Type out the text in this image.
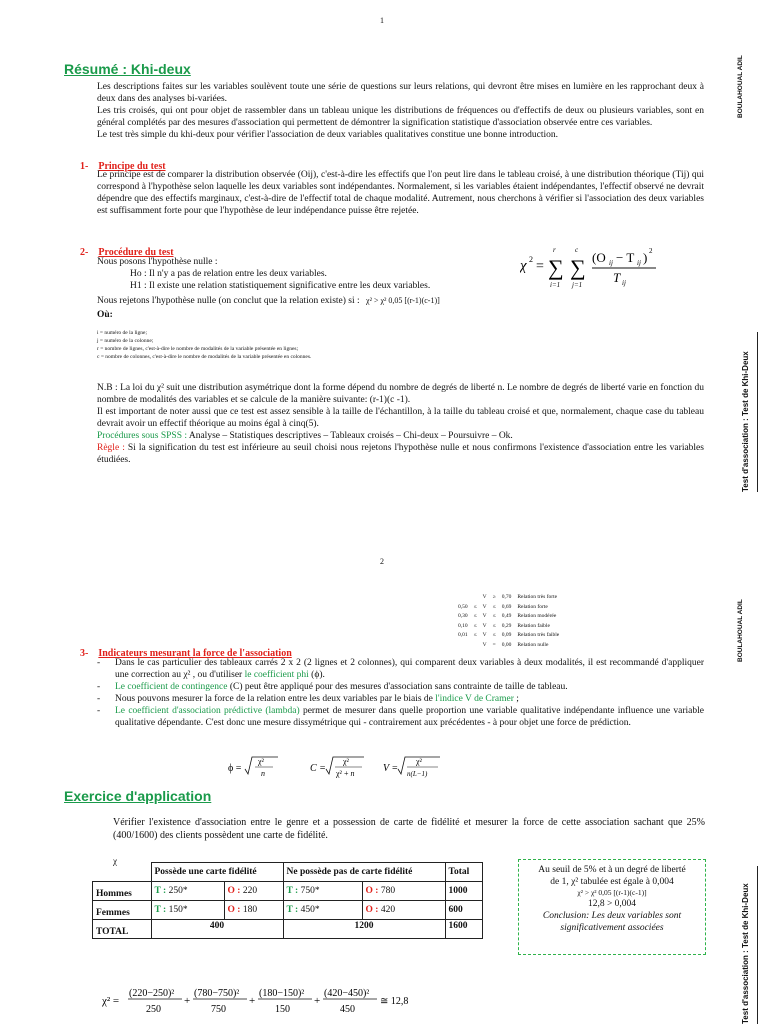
1
BOULAHOUAL ADIL
Test d'association : Test de Khi-Deux
Résumé : Khi-deux
Les descriptions faites sur les variables soulèvent toute une série de questions sur leurs relations, qui devront être mises en lumière en les rapprochant deux à deux dans des analyses bi-variées.
Les tris croisés, qui ont pour objet de rassembler dans un tableau unique les distributions de fréquences ou d'effectifs de deux ou plusieurs variables, sont en général complétés par des mesures d'association qui permettent de démontrer la signification statistique d'association observée entre ces variables.
Le test très simple du khi-deux pour vérifier l'association de deux variables qualitatives constitue une bonne introduction.
1- Principe du test
Le principe est de comparer la distribution observée (Oij), c'est-à-dire les effectifs que l'on peut lire dans le tableau croisé, à une distribution théorique (Tij) qui correspond à l'hypothèse selon laquelle les deux variables sont indépendantes. Normalement, si les variables étaient indépendantes, l'effectif observé ne devrait dépendre que des effectifs marginaux, c'est-à-dire de l'effectif total de chaque modalité. Autrement, nous cherchons à vérifier si l'association des deux variables est suffisamment forte pour que l'hypothèse de leur indépendance puisse être rejetée.
2- Procédure du test
χ 2 = ∑ ∑
r	c
i=1 j=1
(O ij − T ij ) 2
T ij
Nous posons l'hypothèse nulle :
Ho : Il n'y a pas de relation entre les deux variables.
H1 : Il existe une relation statistiquement significative entre les deux variables.
Nous rejetons l'hypothèse nulle (on conclut que la relation existe) si : χ² > χ² 0,05 [(r-1)(c-1)]
Où:
i = numéro de la ligne;
j = numéro de la colonne;
r = nombre de lignes, c'est-à-dire le nombre de modalités de la variable présentée en lignes;
c = nombre de colonnes, c'est-à-dire le nombre de modalités de la variable présentée en colonnes.
N.B : La loi du χ² suit une distribution asymétrique dont la forme dépend du nombre de degrés de liberté n. Le nombre de degrés de liberté varie en fonction du nombre de modalités des variables et se calcule de la manière suivante: (r-1)(c -1).
Il est important de noter aussi que ce test est assez sensible à la taille de l'échantillon, à la taille du tableau croisé et que, normalement, chaque case du tableau devrait avoir un effectif théorique au moins égal à cinq(5).
Procédures sous SPSS : Analyse – Statistiques descriptives – Tableaux croisés – Chi-deux – Poursuivre – Ok.
Règle : Si la signification du test est inférieure au seuil choisi nous rejetons l'hypothèse nulle et nous confirmons l'existence d'association entre les variables étudiées.
2
BOULAHOUAL ADIL
Test d'association : Test de Khi-Deux
		V	≥	0,70	Relation très forte
0,50	≤	V	≤	0,69	Relation forte
0,30	≤	V	≤	0,49	Relation modérée
0,10	≤	V	≤	0,29	Relation faible
0,01	≤	V	≤	0,09	Relation très faible
		V	=	0,00	Relation nulle
3- Indicateurs mesurant la force de l'association
-	Dans le cas particulier des tableaux carrés 2 x 2 (2 lignes et 2 colonnes), qui comparent deux variables à deux modalités, il est recommandé d'appliquer une correction au χ² , ou d'utiliser le coefficient phi (ϕ).
-	Le coefficient de contingence (C) peut être appliqué pour des mesures d'association sans contrainte de taille de tableau.
-	Nous pouvons mesurer la force de la relation entre les deux variables par le biais de l'indice V de Cramer ;
-	Le coefficient d'association prédictive (lambda) permet de mesurer dans quelle proportion une variable qualitative indépendante influence une variable qualitative dépendante. C'est donc une mesure dissymétrique qui - contrairement aux précédentes - à pour objet une force de prédiction.
ϕ =
χ²
n	C =
χ²
χ² + n	V =
χ²
n(L−1)
Exercice d'application
Vérifier l'existence d'association entre le genre et a possession de carte de fidélité et mesurer la force de cette association sachant que 25% (400/1600) des clients possèdent une carte de fidélité.
χ
	Possède une carte fidélité		Ne possède pas de carte fidélité		Total
Hommes	T : 250*	O : 220	T : 750*	O : 780	1000
Femmes	T : 150*	O : 180	T : 450*	O : 420	600
TOTAL	400		1200		1600
Au seuil de 5% et à un degré de liberté
de 1, χ² tabulée est égale à 0,004
χ² > χ² 0,05 [(r-1)(c-1)]
12,8 > 0,004
Conclusion: Les deux variables sont significativement associées
χ² =
(220−250)²
250
+
(780−750)²
750
+
(180−150)²
150
+
(420−450)²
450
≅ 12,8
